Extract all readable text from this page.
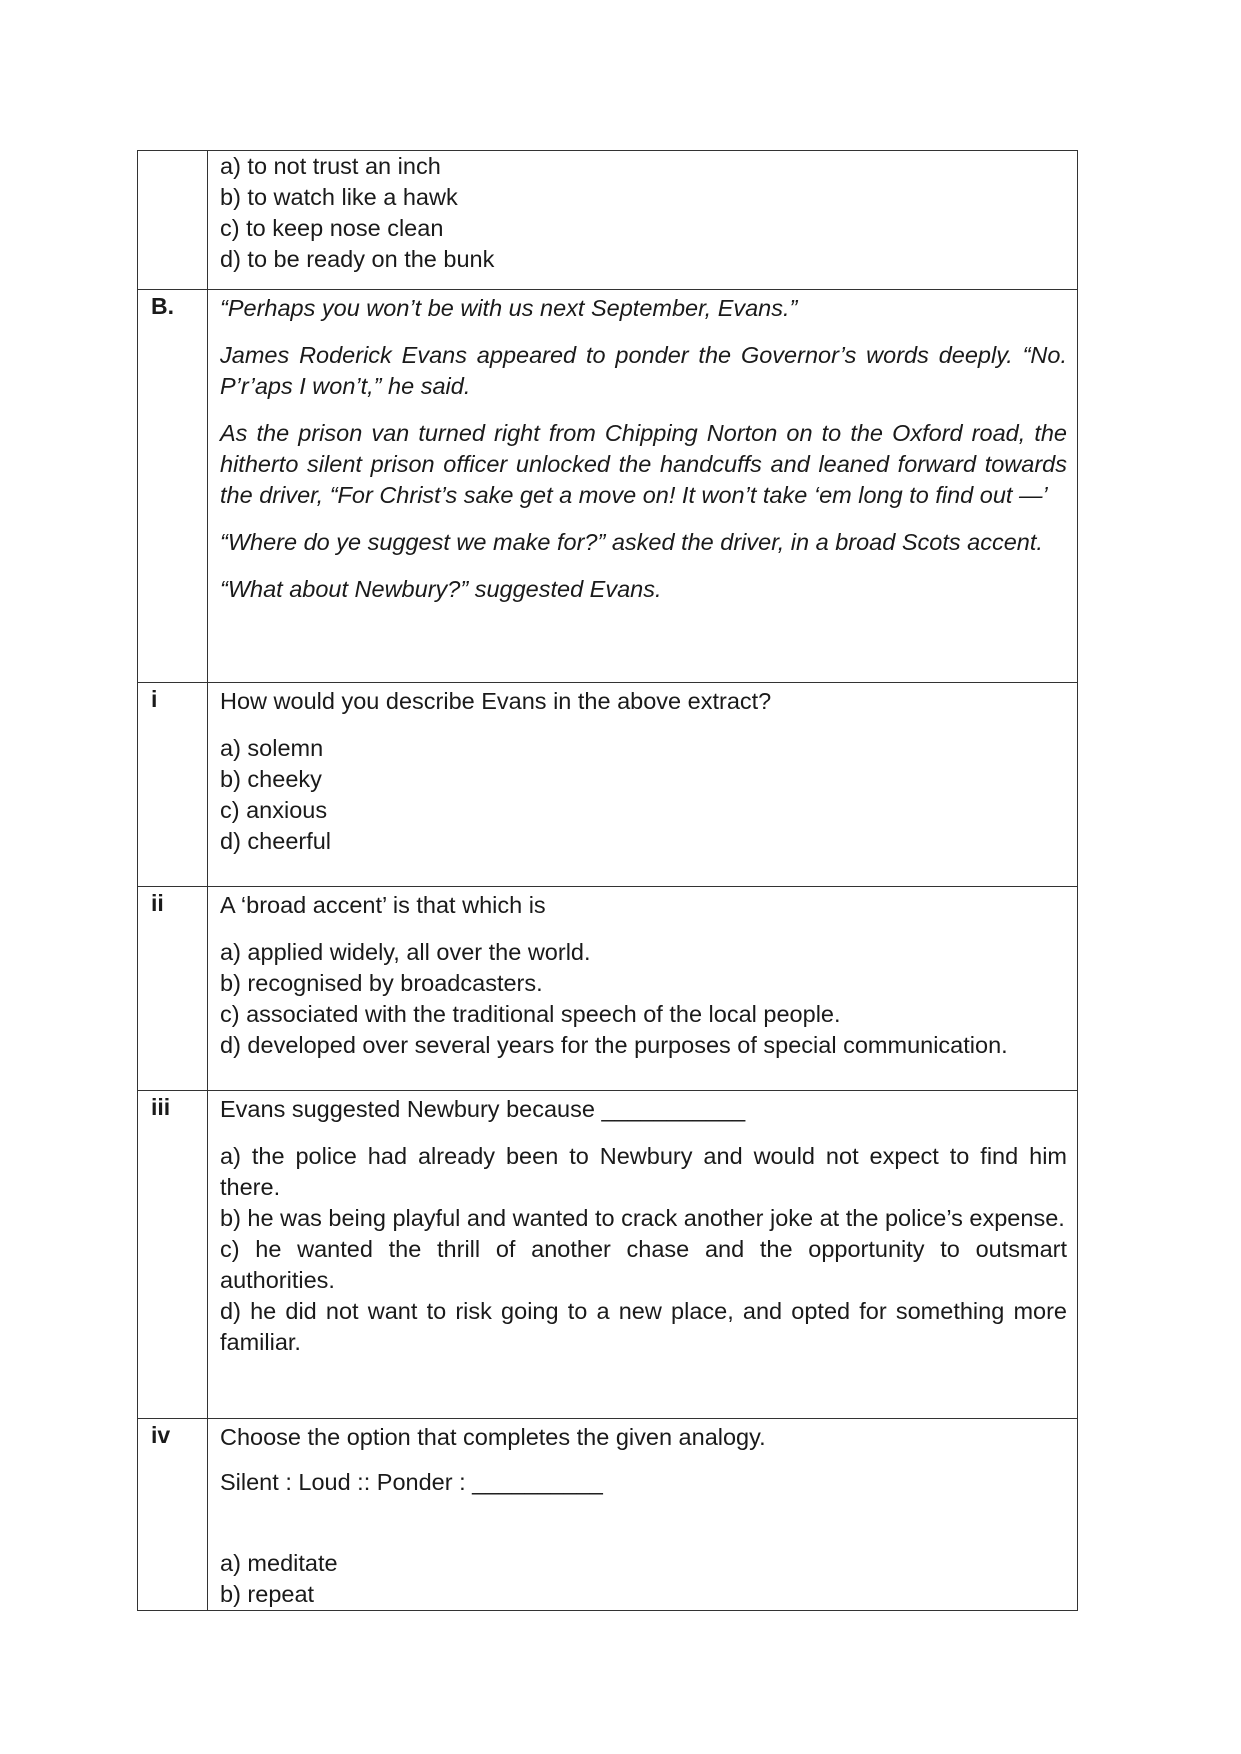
	a) to not trust an inch
b) to watch like a hawk
c) to keep nose clean
d) to be ready on the bunk

B.	“Perhaps you won’t be with us next September, Evans.”
James Roderick Evans appeared to ponder the Governor’s words deeply. “No. P’r’aps I won’t,” he said.
As the prison van turned right from Chipping Norton on to the Oxford road, the hitherto silent prison officer unlocked the handcuffs and leaned forward towards the driver, “For Christ’s sake get a move on! It won’t take ‘em long to find out —’
“Where do ye suggest we make for?” asked the driver, in a broad Scots accent.
“What about Newbury?” suggested Evans.

i	How would you describe Evans in the above extract?
a) solemn
b) cheeky
c) anxious
d) cheerful

ii	A ‘broad accent’ is that which is
a) applied widely, all over the world.
b) recognised by broadcasters.
c) associated with the traditional speech of the local people.
d) developed over several years for the purposes of special communication.

iii	Evans suggested Newbury because ___________
a) the police had already been to Newbury and would not expect to find him there.
b) he was being playful and wanted to crack another joke at the police’s expense.
c) he wanted the thrill of another chase and the opportunity to outsmart authorities.
d) he did not want to risk going to a new place, and opted for something more familiar.

iv	Choose the option that completes the given analogy.
Silent : Loud :: Ponder : __________
a) meditate
b) repeat
